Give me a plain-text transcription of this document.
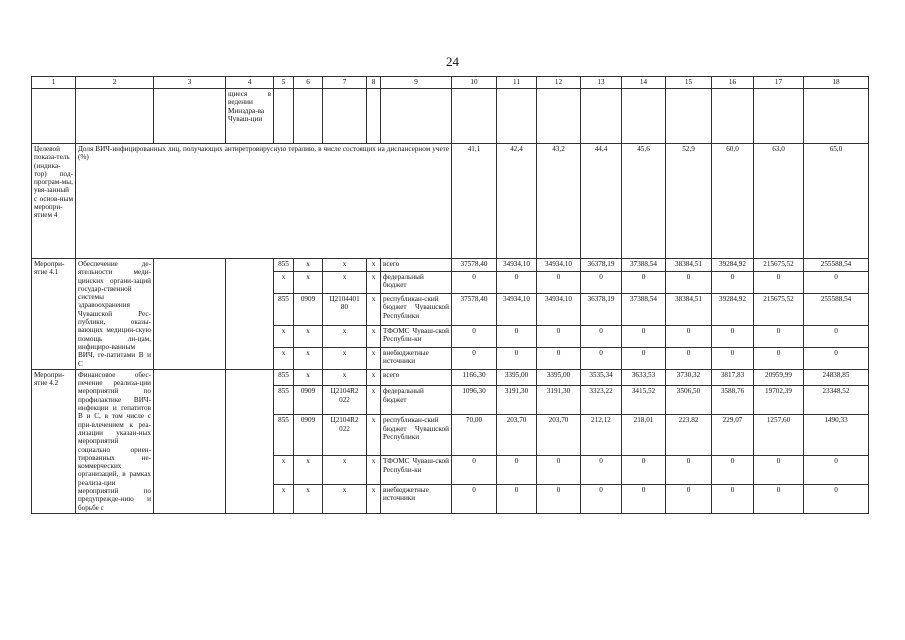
24
1	2	3	4	5	6	7	8	9	10	11	12	13	14	15	16	17	18
			щиеся в ведении Минздра-ва Чуваш-ции														
Целевой показа-тель (индика-тор) под-програм-мы, увя-занный с основ-ным меропри-ятием 4	Доля ВИЧ-инфицированных лиц, получающих антиретровирусную терапию, в числе состоящих на диспансерном учете (%)								41,1	42,4	43,2	44,4	45,6	52,9	60,0	63,0	65,0
Меропри-ятие 4.1	Обеспечение де-ятельности меди-цинских органи-заций государ-ственной системы здравоохранения Чувашской Рес-публики, оказы-вающих медицин-скую помощь ли-цам, инфициро-ванным ВИЧ, ге-патитами B и C			855	x	x	x	всего	37578,40	34934,10	34934,10	36378,19	37388,54	38384,51	39284,92	215675,52	255588,54
				x	x	x	x	федеральный бюджет	0	0	0	0	0	0	0	0	0
				855	0909	Ц2104401 80	x	республикан-ский бюджет Чувашской Республики	37578,40	34934,10	34934,10	36378,19	37388,54	38384,51	39284,92	215675,52	255588,54
				x	x	x	x	ТФОМС Чуваш-ской Республи-ки	0	0	0	0	0	0	0	0	0
				x	x	x	x	внебюджетные источники	0	0	0	0	0	0	0	0	0
Меропри-ятие 4.2	Финансовое обес-печение реализа-ции мероприятий по профилактике ВИЧ-инфекции и гепатитов B и C, в том числе с при-влечением к реа-лизации указан-ных мероприятий социально ориен-тированных не-коммерческих организаций, в рамках реализа-ции мероприятий по предупрежде-нию и борьбе с			855	x	x	x	всего	1166,30	3395,00	3395,00	3535,34	3633,53	3730,32	3817,83	20959,99	24838,85
				855	0909	Ц2104R2 022	x	федеральный бюджет	1096,30	3191,30	3191,30	3323,22	3415,52	3506,50	3588,76	19702,39	23348,52
				855	0909	Ц2104R2 022	x	республикан-ский бюджет Чувашской Республики	70,00	203,70	203,70	212,12	218,01	223,82	229,07	1257,60	1490,33
				x	x	x	x	ТФОМС Чуваш-ской Республи-ки	0	0	0	0	0	0	0	0	0
				x	x	x	x	внебюджетные источники	0	0	0	0	0	0	0	0	0
